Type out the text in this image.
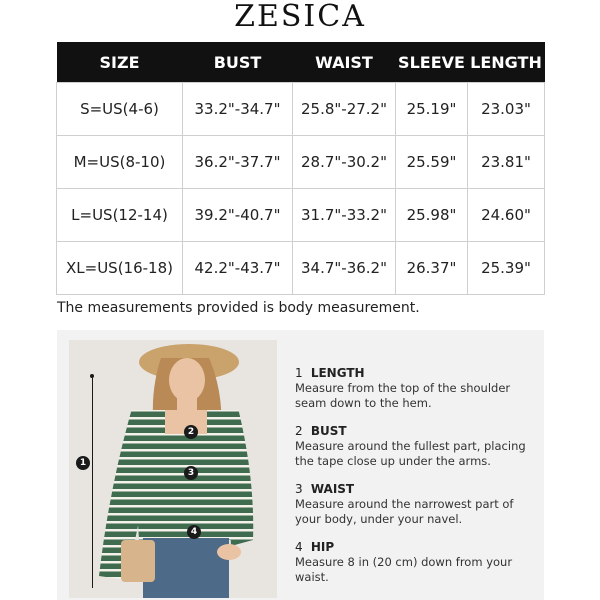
ZESICA
SIZE	BUST	WAIST	SLEEVE	LENGTH
S=US(4-6)	33.2"-34.7"	25.8"-27.2"	25.19"	23.03"
M=US(8-10)	36.2"-37.7"	28.7"-30.2"	25.59"	23.81"
L=US(12-14)	39.2"-40.7"	31.7"-33.2"	25.98"	24.60"
XL=US(16-18)	42.2"-43.7"	34.7"-36.2"	26.37"	25.39"
The measurements provided is body measurement.
1
2
3
4
1 LENGTH
Measure from the top of the shoulder seam down to the hem.
2 BUST
Measure around the fullest part, placing the tape close up under the arms.
3 WAIST
Measure around the narrowest part of your body, under your navel.
4 HIP
Measure 8 in (20 cm) down from your waist.
